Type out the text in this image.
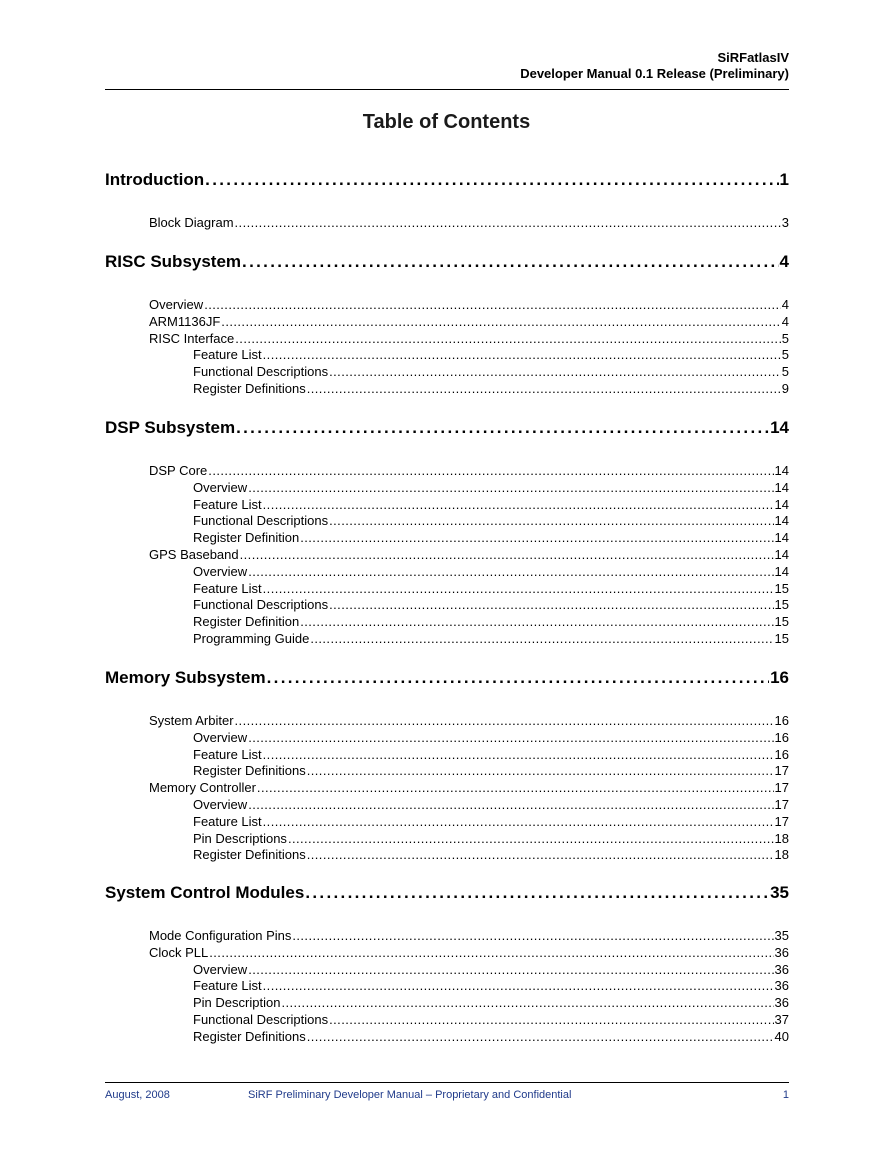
SiRFatlasIV
Developer Manual 0.1 Release (Preliminary)
Table of Contents
Introduction . . .	1
Block Diagram . . .	3
RISC Subsystem . . .	4
Overview . . .	4
ARM1136JF . . .	4
RISC Interface . . .	5
Feature List . . .	5
Functional Descriptions . . .	5
Register Definitions . . .	9
DSP Subsystem . . .	14
DSP Core . . .	14
Overview . . .	14
Feature List . . .	14
Functional Descriptions . . .	14
Register Definition . . .	14
GPS Baseband . . .	14
Overview . . .	14
Feature List . . .	15
Functional Descriptions . . .	15
Register Definition . . .	15
Programming Guide . . .	15
Memory Subsystem . . .	16
System Arbiter . . .	16
Overview . . .	16
Feature List . . .	16
Register Definitions . . .	17
Memory Controller . . .	17
Overview . . .	17
Feature List . . .	17
Pin Descriptions . . .	18
Register Definitions . . .	18
System Control Modules . . .	35
Mode Configuration Pins . . .	35
Clock PLL . . .	36
Overview . . .	36
Feature List . . .	36
Pin Description . . .	36
Functional Descriptions . . .	37
Register Definitions . . .	40
August, 2008	SiRF Preliminary Developer Manual – Proprietary and Confidential	1
